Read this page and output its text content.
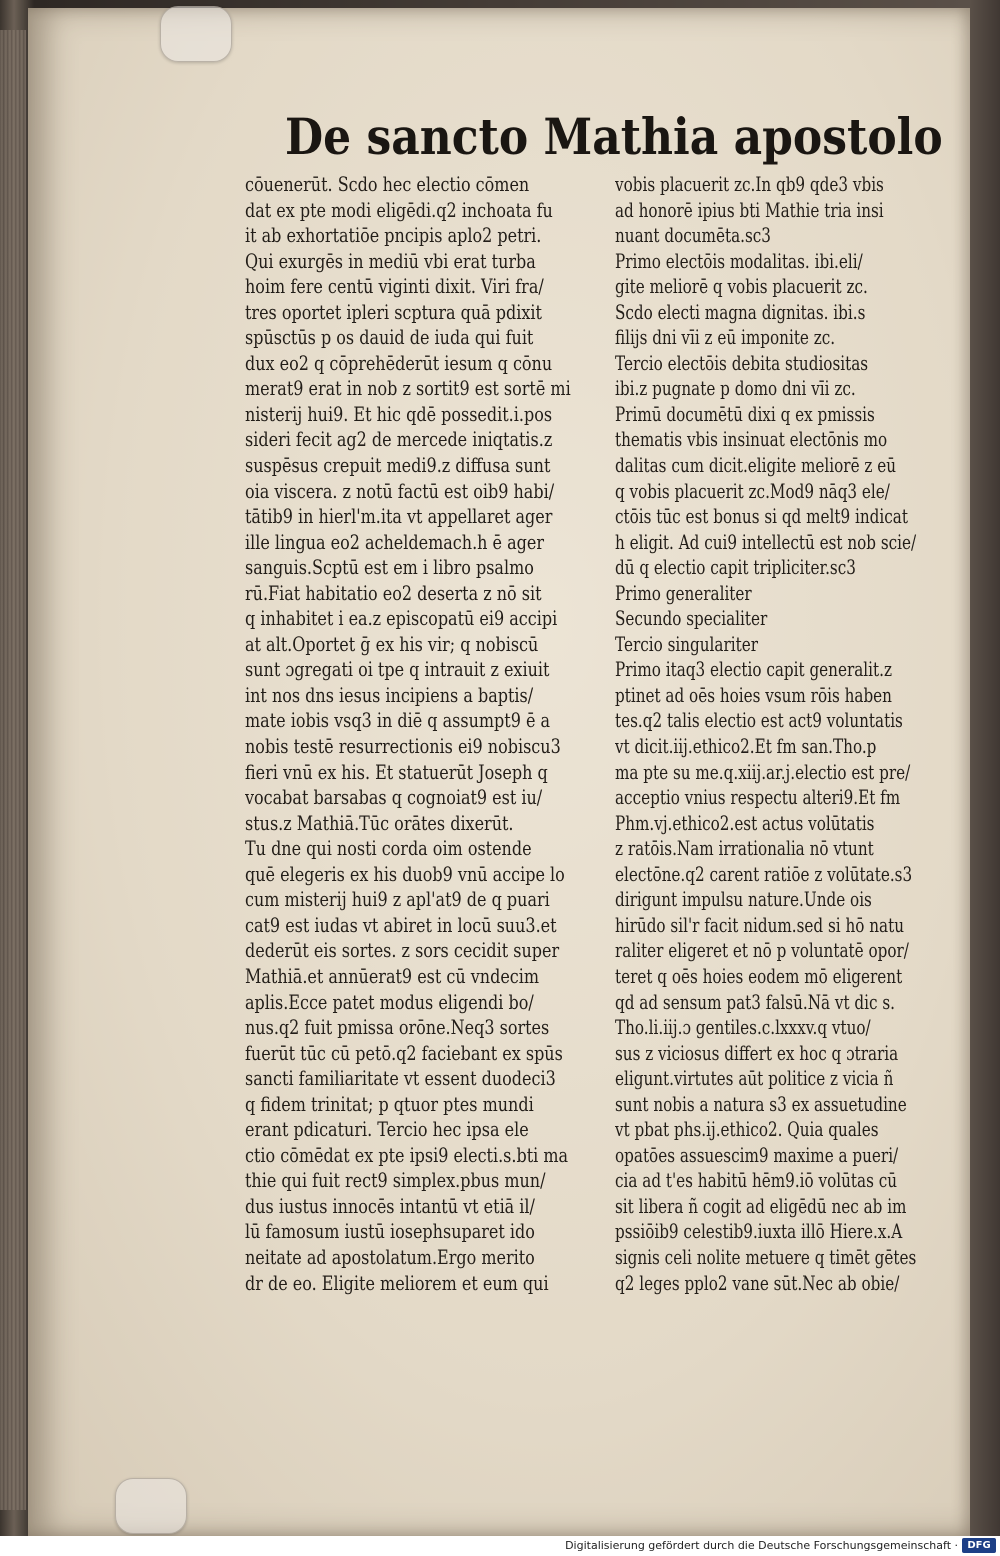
De sancto Mathia apostolo
cōuenerūt. Scdo hec electio cōmen
dat ex pte modi eligēdi.q2 inchoata fu
it ab exhortatiōe pncipis aplo2 petri.
Qui exurgēs in mediū vbi erat turba
hoim fere centū viginti dixit. Viri fra/
tres oportet ipleri scptura quā pdixit
spūsctūs p os dauid de iuda qui fuit
dux eo2 q cōprehēderūt iesum q cōnu
merat9 erat in nob z sortit9 est sortē mi
nisterij hui9. Et hic qdē possedit.i.pos
sideri fecit ag2 de mercede iniqtatis.z
suspēsus crepuit medi9.z diffusa sunt
oia viscera. z notū factū est oib9 habi/
tātib9 in hierl'm.ita vt appellaret ager
ille lingua eo2 acheldemach.h ē ager
sanguis.Scptū est em i libro psalmo
rū.Fiat habitatio eo2 deserta z nō sit
q inhabitet i ea.z episcopatū ei9 accipi
at alt.Oportet ḡ ex his vir; q nobiscū
sunt ɔgregati oi tpe q intrauit z exiuit
int nos dns iesus incipiens a baptis/
mate iobis vsq3 in diē q assumpt9 ē a
nobis testē resurrectionis ei9 nobiscu3
fieri vnū ex his. Et statuerūt Joseph q
vocabat barsabas q cognoiat9 est iu/
stus.z Mathiā.Tūc orātes dixerūt.
Tu dne qui nosti corda oim ostende
quē elegeris ex his duob9 vnū accipe lo
cum misterij hui9 z apl'at9 de q puari
cat9 est iudas vt abiret in locū suu3.et
dederūt eis sortes. z sors cecidit super
Mathiā.et annūerat9 est cū vndecim
aplis.Ecce patet modus eligendi bo/
nus.q2 fuit pmissa orōne.Neq3 sortes
fuerūt tūc cū petō.q2 faciebant ex spūs
sancti familiaritate vt essent duodeci3
q fidem trinitat; p qtuor ptes mundi
erant pdicaturi. Tercio hec ipsa ele
ctio cōmēdat ex pte ipsi9 electi.s.bti ma
thie qui fuit rect9 simplex.pbus mun/
dus iustus innocēs intantū vt etiā il/
lū famosum iustū iosephsuparet ido
neitate ad apostolatum.Ergo merito
dr de eo. Eligite meliorem et eum qui
vobis placuerit zc.In qb9 qde3 vbis
ad honorē ipius bti Mathie tria insi
nuant documēta.sc3
Primo electōis modalitas. ibi.eli/
gite meliorē q vobis placuerit zc.
Scdo electi magna dignitas. ibi.s
filijs dni vīi z eū imponite zc.
Tercio electōis debita studiositas
ibi.z pugnate p domo dni vīi zc.
Primū documētū dixi q ex pmissis
thematis vbis insinuat electōnis mo
dalitas cum dicit.eligite meliorē z eū
q vobis placuerit zc.Mod9 nāq3 ele/
ctōis tūc est bonus si qd melt9 indicat
h eligit. Ad cui9 intellectū est nob scie/
dū q electio capit tripliciter.sc3
Primo generaliter
Secundo specialiter
Tercio singulariter
Primo itaq3 electio capit generalit.z
ptinet ad oēs hoies vsum rōis haben
tes.q2 talis electio est act9 voluntatis
vt dicit.iij.ethico2.Et fm san.Tho.p
ma pte su me.q.xiij.ar.j.electio est pre/
acceptio vnius respectu alteri9.Et fm
Phm.vj.ethico2.est actus volūtatis
z ratōis.Nam irrationalia nō vtunt
electōne.q2 carent ratiōe z volūtate.s3
dirigunt impulsu nature.Unde ois
hirūdo sil'r facit nidum.sed si hō natu
raliter eligeret et nō p voluntatē opor/
teret q oēs hoies eodem mō eligerent
qd ad sensum pat3 falsū.Nā vt dic s.
Tho.li.iij.ɔ gentiles.c.lxxxv.q vtuo/
sus z viciosus differt ex hoc q ɔtraria
eligunt.virtutes aūt politice z vicia ñ
sunt nobis a natura s3 ex assuetudine
vt pbat phs.ij.ethico2. Quia quales
opatōes assuescim9 maxime a pueri/
cia ad t'es habitū hēm9.iō volūtas cū
sit libera ñ cogit ad eligēdū nec ab im
pssiōib9 celestib9.iuxta illō Hiere.x.A
signis celi nolite metuere q timēt gētes
q2 leges pplo2 vane sūt.Nec ab obie/
Digitalisierung gefördert durch die Deutsche Forschungsgemeinschaft · DFG
